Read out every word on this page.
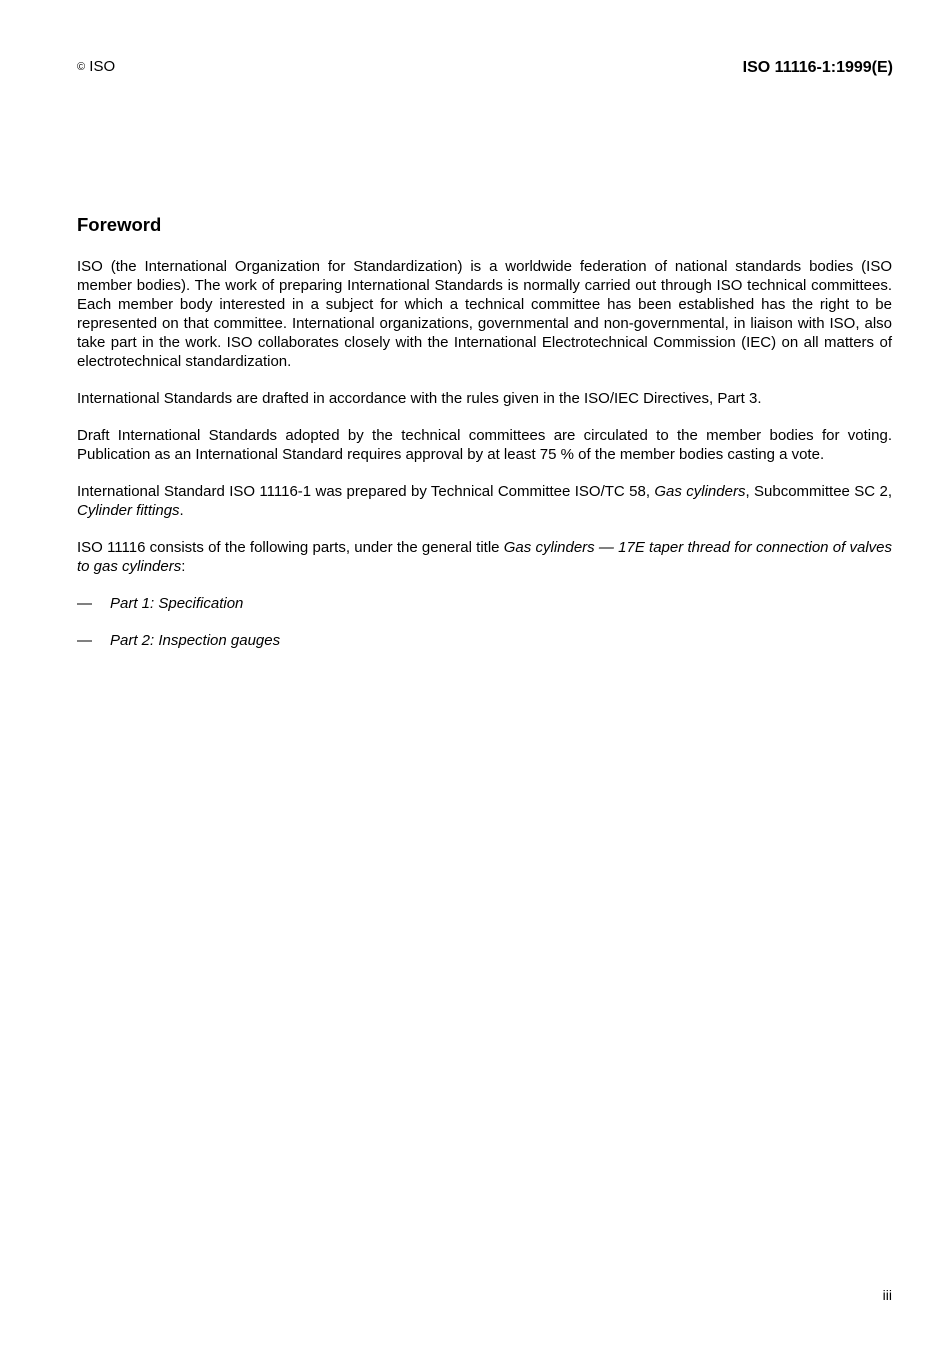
© ISO	ISO 11116-1:1999(E)
Foreword

ISO (the International Organization for Standardization) is a worldwide federation of national standards bodies (ISO member bodies). The work of preparing International Standards is normally carried out through ISO technical committees. Each member body interested in a subject for which a technical committee has been established has the right to be represented on that committee. International organizations, governmental and non-governmental, in liaison with ISO, also take part in the work. ISO collaborates closely with the International Electrotechnical Commission (IEC) on all matters of electrotechnical standardization.

International Standards are drafted in accordance with the rules given in the ISO/IEC Directives, Part 3.

Draft International Standards adopted by the technical committees are circulated to the member bodies for voting. Publication as an International Standard requires approval by at least 75 % of the member bodies casting a vote.

International Standard ISO 11116-1 was prepared by Technical Committee ISO/TC 58, Gas cylinders, Subcommittee SC 2, Cylinder fittings.

ISO 11116 consists of the following parts, under the general title Gas cylinders — 17E taper thread for connection of valves to gas cylinders:

—	Part 1: Specification
—	Part 2: Inspection gauges
iii
